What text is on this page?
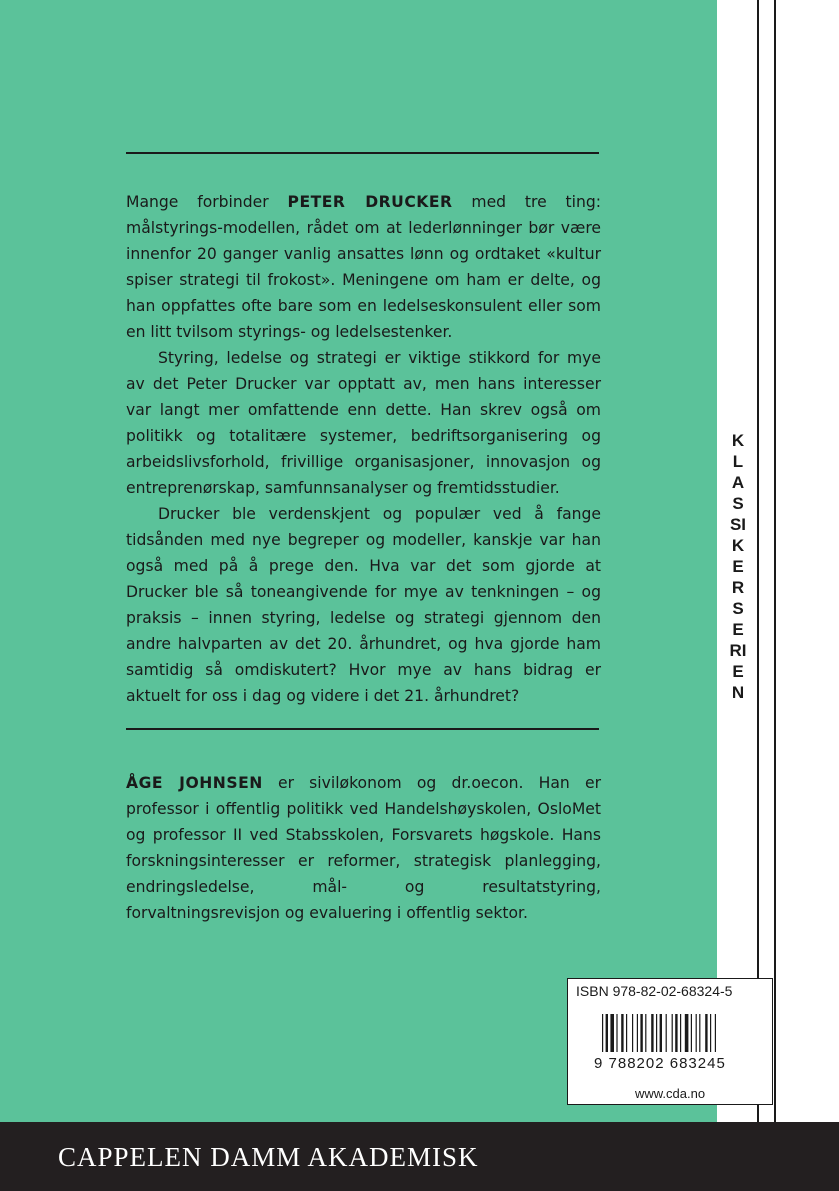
KLASSIKERSERIEN

Mange forbinder PETER DRUCKER med tre ting: målstyrings-modellen, rådet om at lederlønninger bør være innenfor 20 ganger vanlig ansattes lønn og ordtaket «kultur spiser strategi til frokost». Meningene om ham er delte, og han oppfattes ofte bare som en ledelseskonsulent eller som en litt tvilsom styrings- og ledelsestenker.

Styring, ledelse og strategi er viktige stikkord for mye av det Peter Drucker var opptatt av, men hans interesser var langt mer omfattende enn dette. Han skrev også om politikk og totalitære systemer, bedriftsorganisering og arbeidslivsforhold, frivillige organisasjoner, innovasjon og entreprenørskap, samfunnsanalyser og fremtidsstudier.

Drucker ble verdenskjent og populær ved å fange tidsånden med nye begreper og modeller, kanskje var han også med på å prege den. Hva var det som gjorde at Drucker ble så toneangivende for mye av tenkningen – og praksis – innen styring, ledelse og strategi gjennom den andre halvparten av det 20. århundret, og hva gjorde ham samtidig så omdiskutert? Hvor mye av hans bidrag er aktuelt for oss i dag og videre i det 21. århundret?

ÅGE JOHNSEN er siviløkonom og dr.oecon. Han er professor i offentlig politikk ved Handelshøyskolen, OsloMet og professor II ved Stabsskolen, Forsvarets høgskole. Hans forskningsinteresser er reformer, strategisk planlegging, endringsledelse, mål- og resultatstyring, forvaltningsrevisjon og evaluering i offentlig sektor.

ISBN 978-82-02-68324-5
9 788202 683245
www.cda.no
CAPPELEN DAMM AKADEMISK
